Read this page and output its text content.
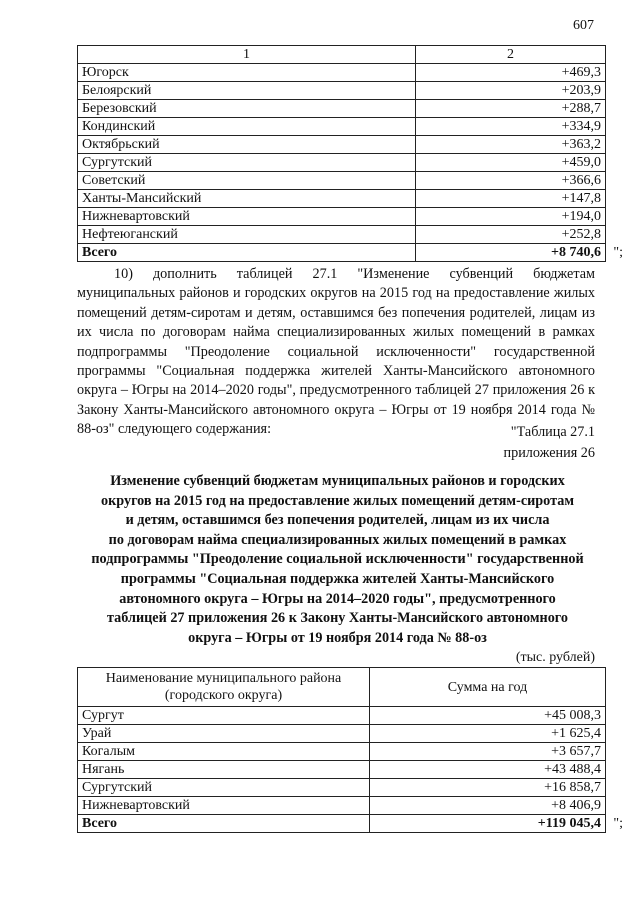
607
1	2
Югорск	+469,3
Белоярский	+203,9
Березовский	+288,7
Кондинский	+334,9
Октябрьский	+363,2
Сургутский	+459,0
Советский	+366,6
Ханты-Мансийский	+147,8
Нижневартовский	+194,0
Нефтеюганский	+252,8
Всего	+8 740,6 ";
10) дополнить таблицей 27.1 "Изменение субвенций бюджетам муниципальных районов и городских округов на 2015 год на предоставление жилых помещений детям-сиротам и детям, оставшимся без попечения родителей, лицам из их числа по договорам найма специализированных жилых помещений в рамках подпрограммы "Преодоление социальной исключенности" государственной программы "Социальная поддержка жителей Ханты-Мансийского автономного округа – Югры на 2014–2020 годы", предусмотренного таблицей 27 приложения 26 к Закону Ханты-Мансийского автономного округа – Югры от 19 ноября 2014 года № 88-оз" следующего содержания:	"Таблица 27.1
приложения 26
Изменение субвенций бюджетам муниципальных районов и городских
округов на 2015 год на предоставление жилых помещений детям-сиротам
и детям, оставшимся без попечения родителей, лицам из их числа
по договорам найма специализированных жилых помещений в рамках
подпрограммы "Преодоление социальной исключенности" государственной
программы "Социальная поддержка жителей Ханты-Мансийского
автономного округа – Югры на 2014–2020 годы", предусмотренного
таблицей 27 приложения 26 к Закону Ханты-Мансийского автономного
округа – Югры от 19 ноября 2014 года № 88-оз
(тыс. рублей)
Наименование муниципального района (городского округа)	Сумма на год
Сургут	+45 008,3
Урай	+1 625,4
Когалым	+3 657,7
Нягань	+43 488,4
Сургутский	+16 858,7
Нижневартовский	+8 406,9
Всего	+119 045,4 ";
